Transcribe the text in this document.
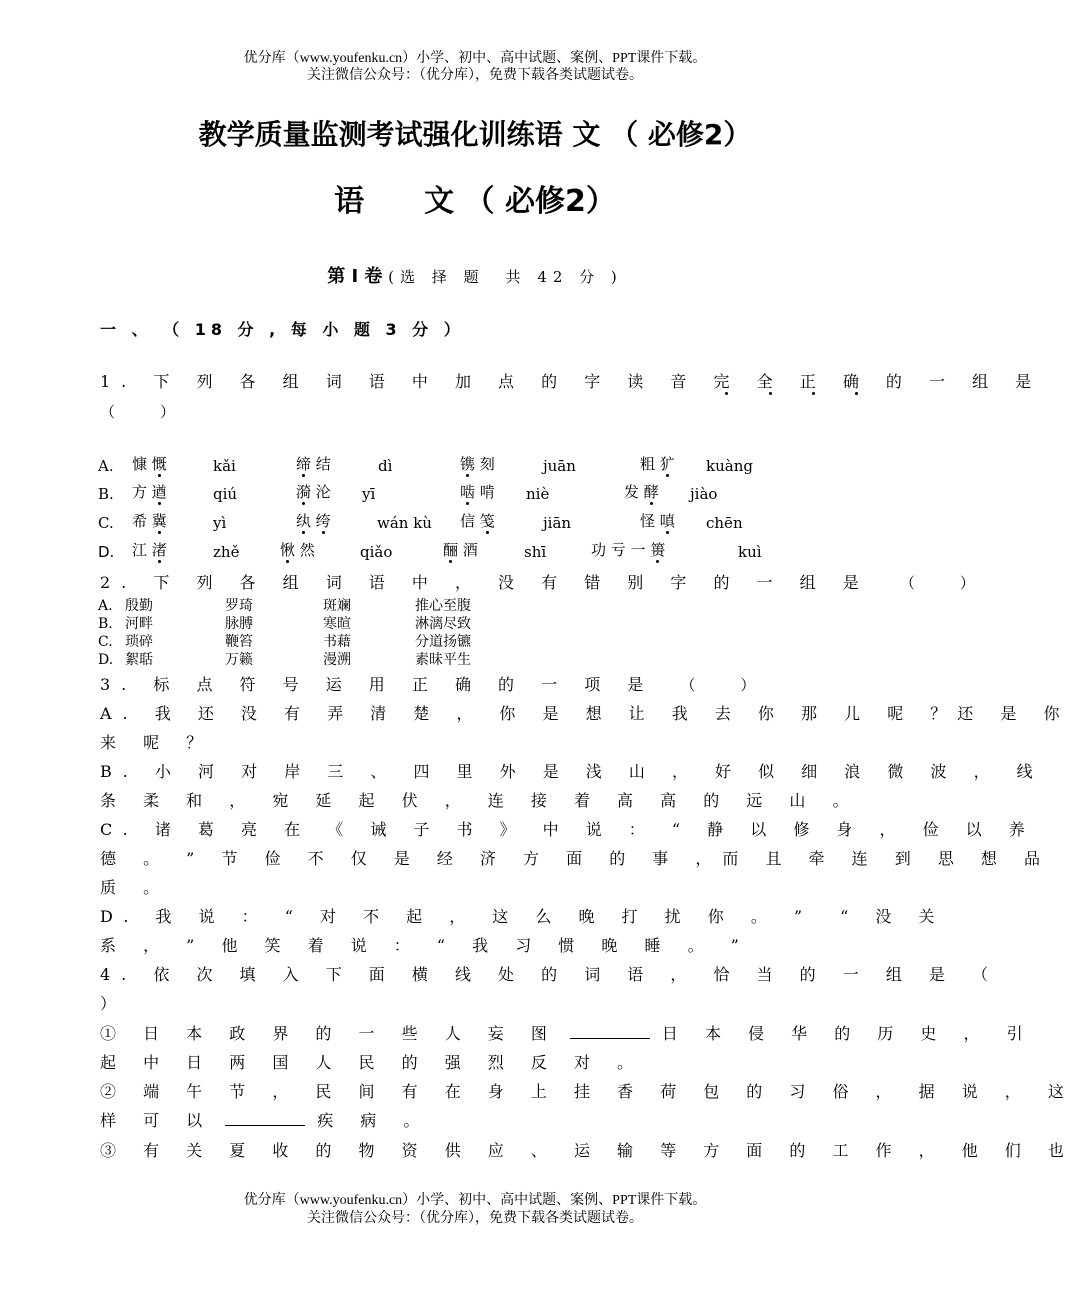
优分库（www.youfenku.cn）小学、初中、高中试题、案例、PPT课件下载。
关注微信公众号：（优分库），免费下载各类试题试卷。
教学质量监测考试强化训练语 文 （ 必修2）
语　　文 （ 必修2）
第 I 卷 (选 择 题　共 42 分 )
一 、 （ 18 分 , 每 小 题 3 分 ）
1. 下 列 各 组 词 语 中 加 点 的 字 读 音 完 全 正 确 的 一 组 是
（　　　）
A. 慷 慨	kǎi	缔 结	dì	镌 刻	juān	粗 犷 kuàng
B. 方 遒	qiú	漪 沦 yī	啮 啃 niè	发 酵 jiào
C. 希 冀	yì	纨 绔	wán kù 信 笺	jiān	怪 嗔 chēn
D. 江 渚	zhě	愀 然	qiǎo	酾 酒	shī	功 亏 一 篑	kuì
2. 下 列 各 组 词 语 中 ， 没 有 错 别 字 的 一 组 是 （　　　）
A. 殷勤	罗琦	斑斓	推心至腹
B. 河畔	脉膊	寒暄	淋漓尽致
C. 琐碎	鞭笞	书藉	分道扬镳
D. 絮聒	万籁	漫溯	素昧平生
3. 标 点 符 号 运 用 正 确 的 一 项 是 （　　　）
A. 我 还 没 有 弄 清 楚 ， 你 是 想 让 我 去 你 那 儿 呢 ？还 是 你
来 呢 ？
B. 小 河 对 岸 三 、 四 里 外 是 浅 山 ， 好 似 细 浪 微 波 ， 线
条 柔 和 ， 宛 延 起 伏 ， 连 接 着 高 高 的 远 山 。
C. 诸 葛 亮 在 《 诫 子 书 》 中 说 ： “ 静 以 修 身 ， 俭 以 养
德 。 ” 节 俭 不 仅 是 经 济 方 面 的 事 ，而 且 牵 连 到 思 想 品
质 。
D. 我 说 ： “ 对 不 起 ， 这 么 晚 打 扰 你 。 ”　“ 没 关
系 ， ” 他 笑 着 说 ： “ 我 习 惯 晚 睡 。 ”
4. 依 次 填 入 下 面 横 线 处 的 词 语 ， 恰 当 的 一 组 是 （
）
① 日 本 政 界 的 一 些 人 妄 图	日 本 侵 华 的 历 史 ， 引
起 中 日 两 国 人 民 的 强 烈 反 对 。
② 端 午 节 ， 民 间 有 在 身 上 挂 香 荷 包 的 习 俗 ， 据 说 ， 这
样 可 以	疾 病 。
③ 有 关 夏 收 的 物 资 供 应 、 运 输 等 方 面 的 工 作 ， 他 们 也
优分库（www.youfenku.cn）小学、初中、高中试题、案例、PPT课件下载。
关注微信公众号：（优分库），免费下载各类试题试卷。
